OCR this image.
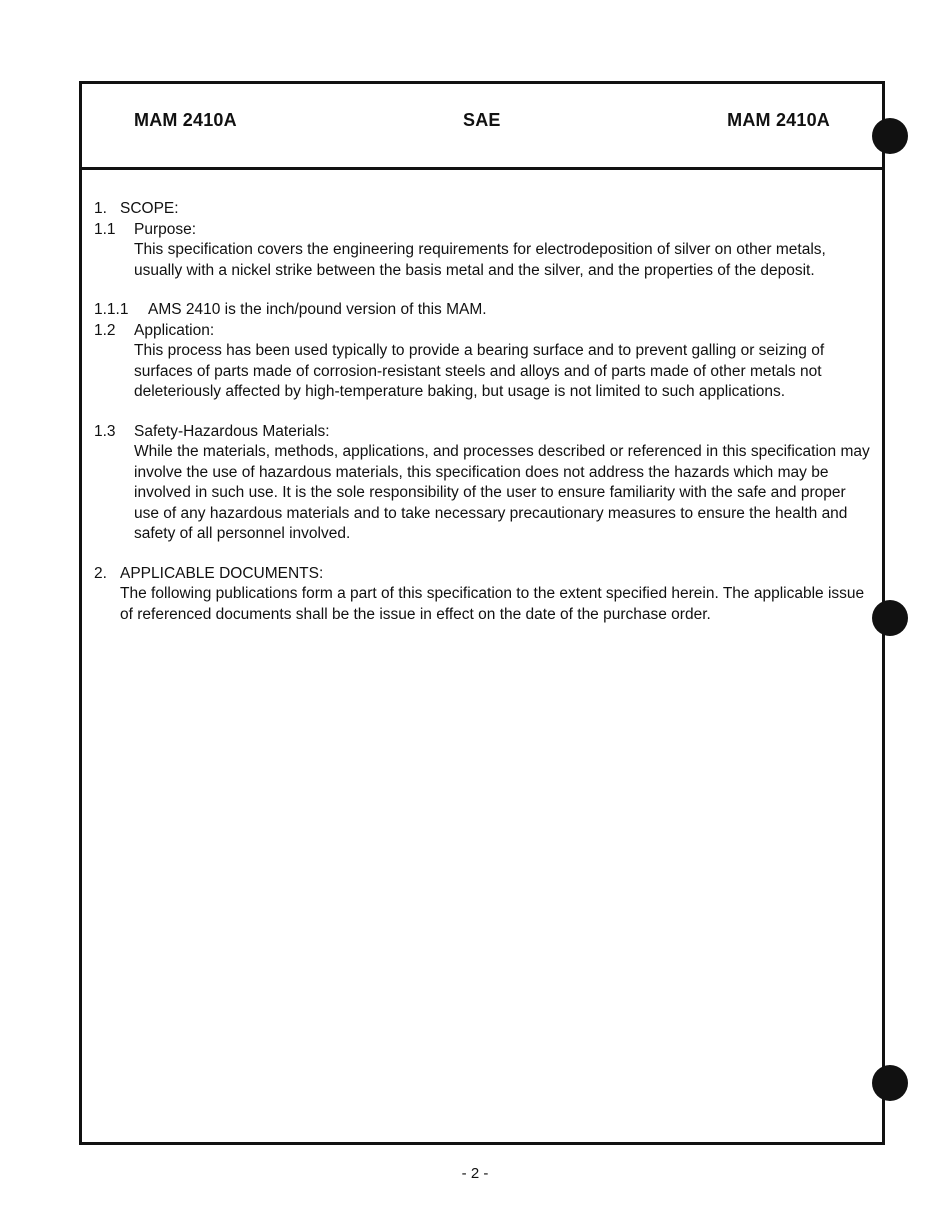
MAM 2410A	SAE	MAM 2410A

1. SCOPE:

1.1	Purpose:

This specification covers the engineering requirements for electrodeposition of silver on other metals, usually with a nickel strike between the basis metal and the silver, and the properties of the deposit.

1.1.1	AMS 2410 is the inch/pound version of this MAM.

1.2	Application:

This process has been used typically to provide a bearing surface and to prevent galling or seizing of surfaces of parts made of corrosion-resistant steels and alloys and of parts made of other metals not deleteriously affected by high-temperature baking, but usage is not limited to such applications.

1.3	Safety-Hazardous Materials:

While the materials, methods, applications, and processes described or referenced in this specification may involve the use of hazardous materials, this specification does not address the hazards which may be involved in such use. It is the sole responsibility of the user to ensure familiarity with the safe and proper use of any hazardous materials and to take necessary precautionary measures to ensure the health and safety of all personnel involved.

2. APPLICABLE DOCUMENTS:

The following publications form a part of this specification to the extent specified herein. The applicable issue of referenced documents shall be the issue in effect on the date of the purchase order.

- 2 -
